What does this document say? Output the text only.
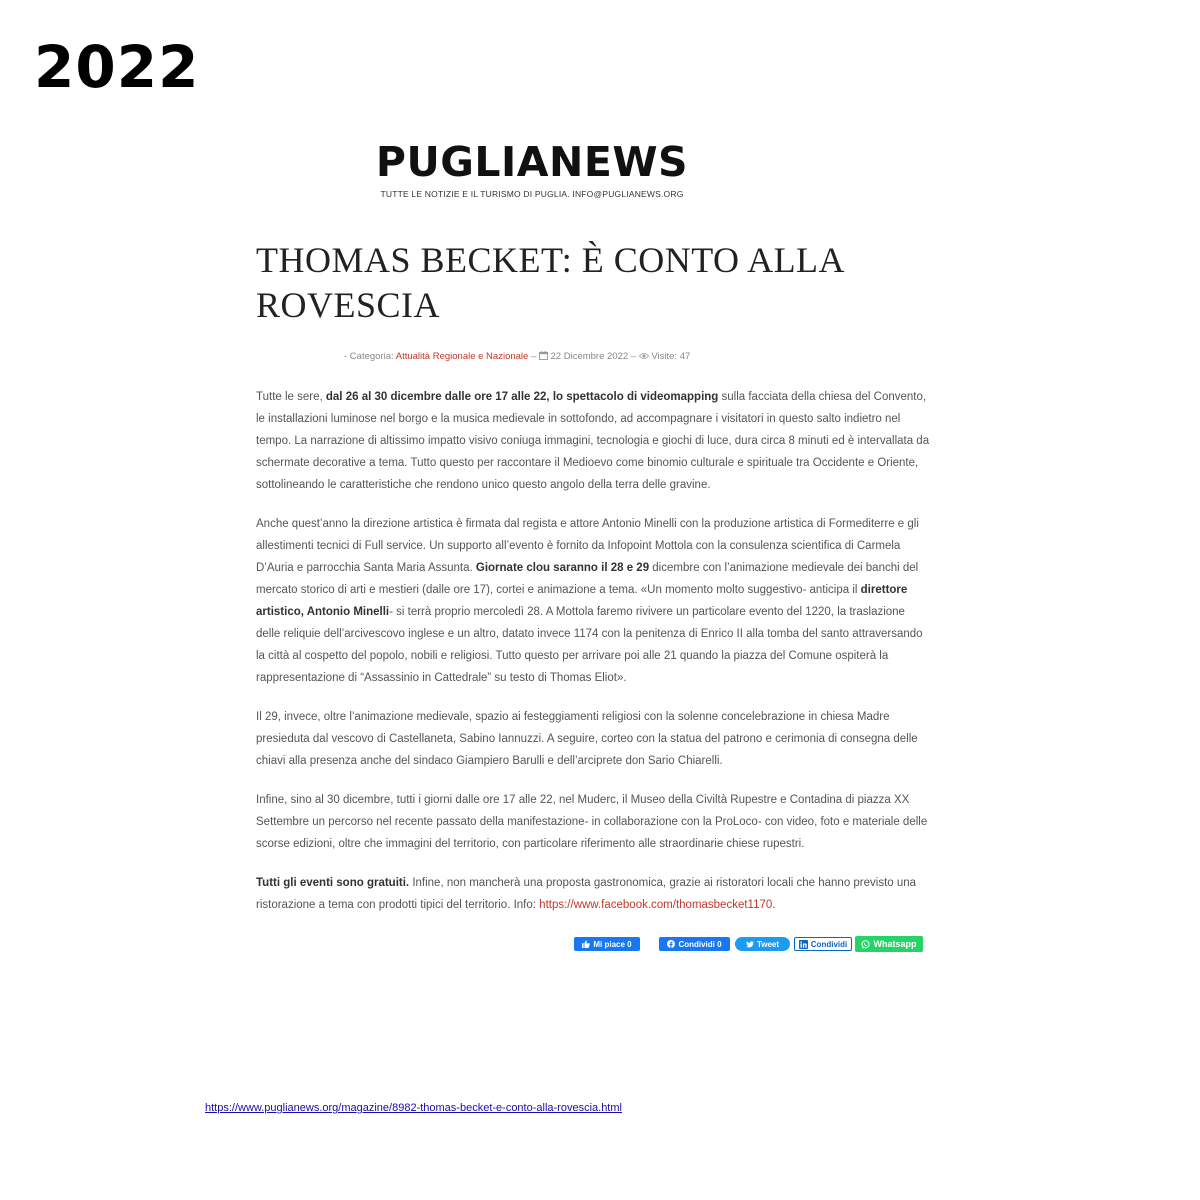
2022
PUGLIANEWS
TUTTE LE NOTIZIE E IL TURISMO DI PUGLIA. INFO@PUGLIANEWS.ORG
THOMAS BECKET: È CONTO ALLA ROVESCIA
- Categoria: Attualità Regionale e Nazionale –  22 Dicembre 2022 –  Visite: 47

Tutte le sere, dal 26 al 30 dicembre dalle ore 17 alle 22, lo spettacolo di videomapping sulla facciata della chiesa del Convento, le installazioni luminose nel borgo e la musica medievale in sottofondo, ad accompagnare i visitatori in questo salto indietro nel tempo. La narrazione di altissimo impatto visivo coniuga immagini, tecnologia e giochi di luce, dura circa 8 minuti ed è intervallata da schermate decorative a tema. Tutto questo per raccontare il Medioevo come binomio culturale e spirituale tra Occidente e Oriente, sottolineando le caratteristiche che rendono unico questo angolo della terra delle gravine.

Anche quest’anno la direzione artistica è firmata dal regista e attore Antonio Minelli con la produzione artistica di Formediterre e gli allestimenti tecnici di Full service. Un supporto all’evento è fornito da Infopoint Mottola con la consulenza scientifica di Carmela D’Auria e parrocchia Santa Maria Assunta. Giornate clou saranno il 28 e 29 dicembre con l’animazione medievale dei banchi del mercato storico di arti e mestieri (dalle ore 17), cortei e animazione a tema. «Un momento molto suggestivo- anticipa il direttore artistico, Antonio Minelli- si terrà proprio mercoledì 28. A Mottola faremo rivivere un particolare evento del 1220, la traslazione delle reliquie dell’arcivescovo inglese e un altro, datato invece 1174 con la penitenza di Enrico II alla tomba del santo attraversando la città al cospetto del popolo, nobili e religiosi. Tutto questo per arrivare poi alle 21 quando la piazza del Comune ospiterà la rappresentazione di “Assassinio in Cattedrale” su testo di Thomas Eliot».

Il 29, invece, oltre l’animazione medievale, spazio ai festeggiamenti religiosi con la solenne concelebrazione in chiesa Madre presieduta dal vescovo di Castellaneta, Sabino Iannuzzi. A seguire, corteo con la statua del patrono e cerimonia di consegna delle chiavi alla presenza anche del sindaco Giampiero Barulli e dell’arciprete don Sario Chiarelli.

Infine, sino al 30 dicembre, tutti i giorni dalle ore 17 alle 22, nel Muderc, il Museo della Civiltà Rupestre e Contadina di piazza XX Settembre un percorso nel recente passato della manifestazione- in collaborazione con la ProLoco- con video, foto e materiale delle scorse edizioni, oltre che immagini del territorio, con particolare riferimento alle straordinarie chiese rupestri.

Tutti gli eventi sono gratuiti. Infine, non mancherà una proposta gastronomica, grazie ai ristoratori locali che hanno previsto una ristorazione a tema con prodotti tipici del territorio. Info: https://www.facebook.com/thomasbecket1170.

Mi piace 0	Condividi 0	Tweet	Condividi	Whatsapp
https://www.puglianews.org/magazine/8982-thomas-becket-e-conto-alla-rovescia.html
